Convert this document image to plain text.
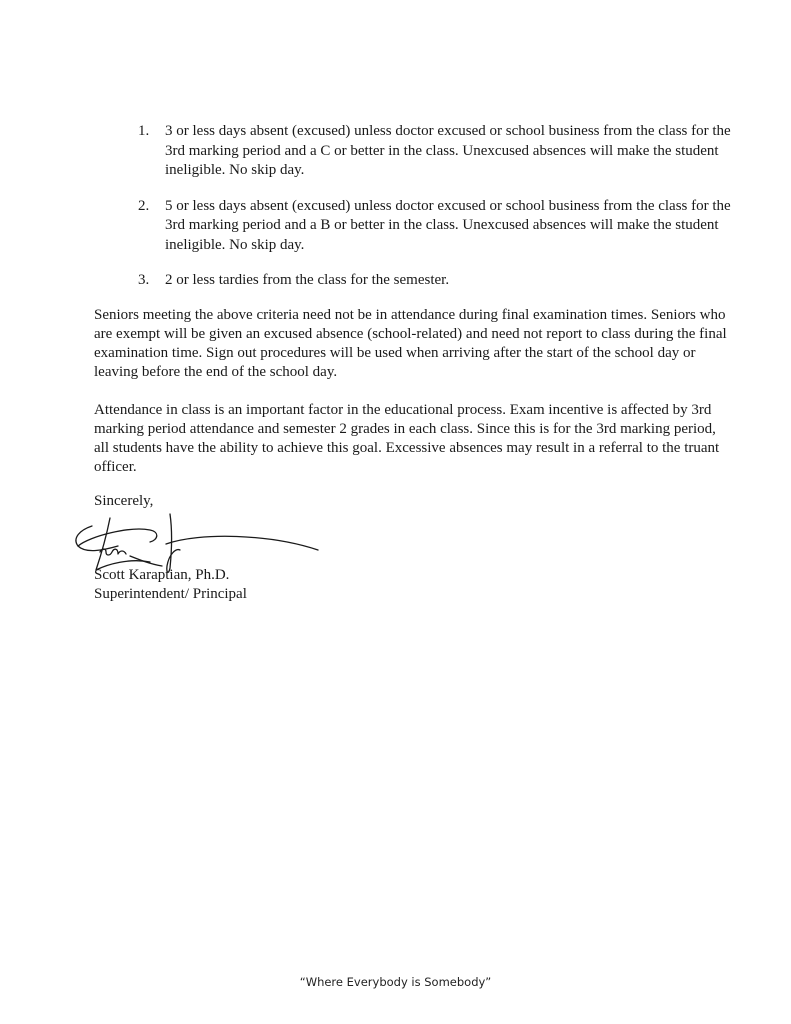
1. 3 or less days absent (excused) unless doctor excused or school business from the class for the 3rd marking period and a C or better in the class. Unexcused absences will make the student ineligible. No skip day.
2. 5 or less days absent (excused) unless doctor excused or school business from the class for the 3rd marking period and a B or better in the class. Unexcused absences will make the student ineligible. No skip day.
3. 2 or less tardies from the class for the semester.

Seniors meeting the above criteria need not be in attendance during final examination times. Seniors who are exempt will be given an excused absence (school-related) and need not report to class during the final examination time. Sign out procedures will be used when arriving after the start of the school day or leaving before the end of the school day.

Attendance in class is an important factor in the educational process. Exam incentive is affected by 3rd marking period attendance and semester 2 grades in each class. Since this is for the 3rd marking period, all students have the ability to achieve this goal. Excessive absences may result in a referral to the truant officer.

Sincerely,

Scott Karaptian, Ph.D.

Superintendent/ Principal

“Where Everybody is Somebody”
